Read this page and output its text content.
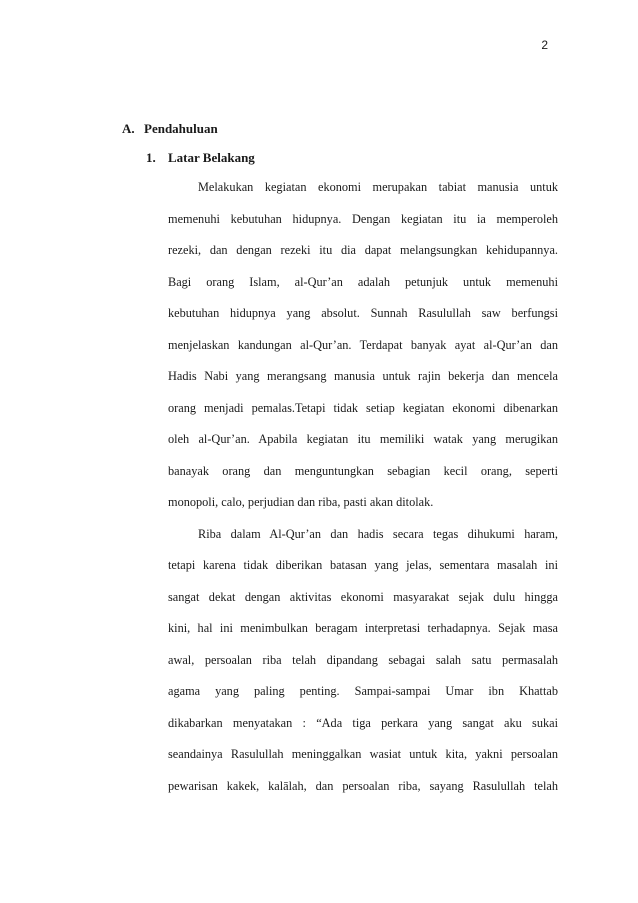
2
A. Pendahuluan
1. Latar Belakang
Melakukan kegiatan ekonomi merupakan tabiat manusia untuk
memenuhi kebutuhan hidupnya. Dengan kegiatan itu ia memperoleh
rezeki, dan dengan rezeki itu dia dapat melangsungkan kehidupannya.
Bagi orang Islam, al-Qur’an adalah petunjuk untuk memenuhi
kebutuhan hidupnya yang absolut. Sunnah Rasulullah saw berfungsi
menjelaskan kandungan al-Qur’an. Terdapat banyak ayat al-Qur’an dan
Hadis Nabi yang merangsang manusia untuk rajin bekerja dan mencela
orang menjadi pemalas.Tetapi tidak setiap kegiatan ekonomi dibenarkan
oleh al-Qur’an. Apabila kegiatan itu memiliki watak yang merugikan
banayak orang dan menguntungkan sebagian kecil orang, seperti
monopoli, calo, perjudian dan riba, pasti akan ditolak.
Riba dalam Al-Qur’an dan hadis secara tegas dihukumi haram,
tetapi karena tidak diberikan batasan yang jelas, sementara masalah ini
sangat dekat dengan aktivitas ekonomi masyarakat sejak dulu hingga
kini, hal ini menimbulkan beragam interpretasi terhadapnya. Sejak masa
awal, persoalan riba telah dipandang sebagai salah satu permasalah
agama yang paling penting. Sampai-sampai Umar ibn Khattab
dikabarkan menyatakan : “Ada tiga perkara yang sangat aku sukai
seandainya Rasulullah meninggalkan wasiat untuk kita, yakni persoalan
pewarisan kakek, kalālah, dan persoalan riba, sayang Rasulullah telah
